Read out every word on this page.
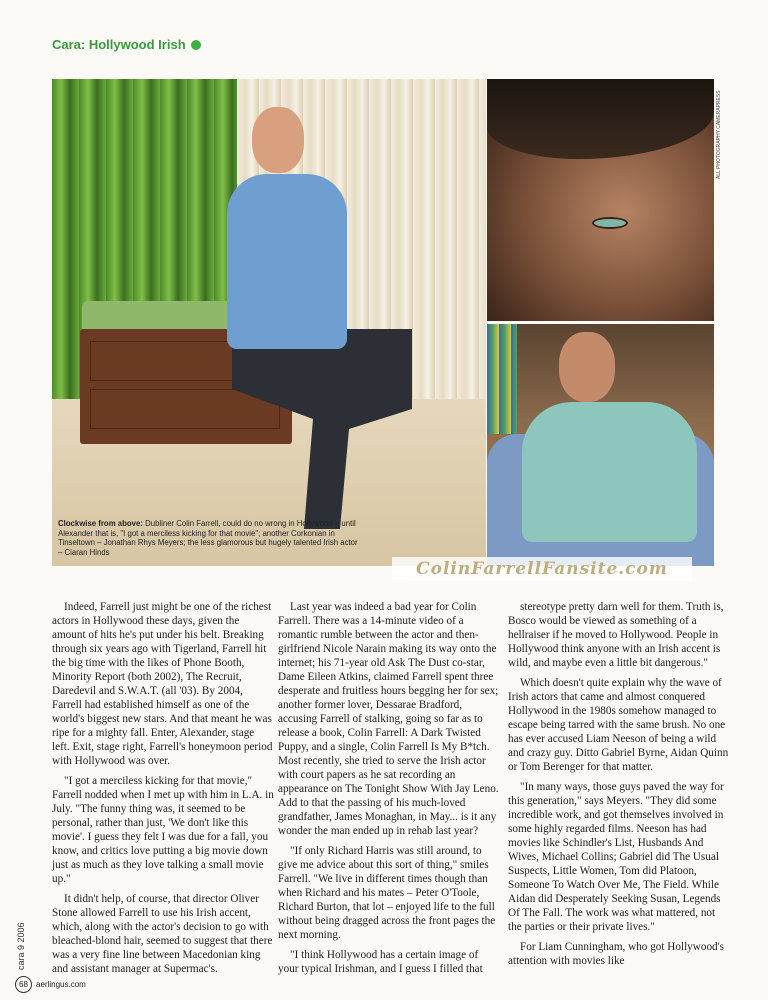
Cara: Hollywood Irish
Clockwise from above: Dubliner Colin Farrell, could do no wrong in Hollywood – until Alexander that is, "I got a merciless kicking for that movie"; another Corkonian in Tinseltown – Jonathan Rhys Meyers; the less glamorous but hugely talented Irish actor – Ciaran Hinds
ALL PHOTOGRAPHY CAMERAPRESS
ColinFarrellFansite.com

Indeed, Farrell just might be one of the richest actors in Hollywood these days, given the amount of hits he's put under his belt. Breaking through six years ago with Tigerland, Farrell hit the big time with the likes of Phone Booth, Minority Report (both 2002), The Recruit, Daredevil and S.W.A.T. (all '03). By 2004, Farrell had established himself as one of the world's biggest new stars. And that meant he was ripe for a mighty fall. Enter, Alexander, stage left. Exit, stage right, Farrell's honeymoon period with Hollywood was over.

"I got a merciless kicking for that movie," Farrell nodded when I met up with him in L.A. in July. "The funny thing was, it seemed to be personal, rather than just, 'We don't like this movie'. I guess they felt I was due for a fall, you know, and critics love putting a big movie down just as much as they love talking a small movie up."

It didn't help, of course, that director Oliver Stone allowed Farrell to use his Irish accent, which, along with the actor's decision to go with bleached-blond hair, seemed to suggest that there was a very fine line between Macedonian king and assistant manager at Supermac's.

Last year was indeed a bad year for Colin Farrell. There was a 14-minute video of a romantic rumble between the actor and then-girlfriend Nicole Narain making its way onto the internet; his 71-year old Ask The Dust co-star, Dame Eileen Atkins, claimed Farrell spent three desperate and fruitless hours begging her for sex; another former lover, Dessarae Bradford, accusing Farrell of stalking, going so far as to release a book, Colin Farrell: A Dark Twisted Puppy, and a single, Colin Farrell Is My B*tch. Most recently, she tried to serve the Irish actor with court papers as he sat recording an appearance on The Tonight Show With Jay Leno. Add to that the passing of his much-loved grandfather, James Monaghan, in May... is it any wonder the man ended up in rehab last year?

"If only Richard Harris was still around, to give me advice about this sort of thing," smiles Farrell. "We live in different times though than when Richard and his mates – Peter O'Toole, Richard Burton, that lot – enjoyed life to the full without being dragged across the front pages the next morning.

"I think Hollywood has a certain image of your typical Irishman, and I guess I filled that

stereotype pretty darn well for them. Truth is, Bosco would be viewed as something of a hellraiser if he moved to Hollywood. People in Hollywood think anyone with an Irish accent is wild, and maybe even a little bit dangerous."

Which doesn't quite explain why the wave of Irish actors that came and almost conquered Hollywood in the 1980s somehow managed to escape being tarred with the same brush. No one has ever accused Liam Neeson of being a wild and crazy guy. Ditto Gabriel Byrne, Aidan Quinn or Tom Berenger for that matter.

"In many ways, those guys paved the way for this generation," says Meyers. "They did some incredible work, and got themselves involved in some highly regarded films. Neeson has had movies like Schindler's List, Husbands And Wives, Michael Collins; Gabriel did The Usual Suspects, Little Women, Tom did Platoon, Someone To Watch Over Me, The Field. While Aidan did Desperately Seeking Susan, Legends Of The Fall. The work was what mattered, not the parties or their private lives."

For Liam Cunningham, who got Hollywood's attention with movies like

cara 9 2006
68	aerlingus.com
